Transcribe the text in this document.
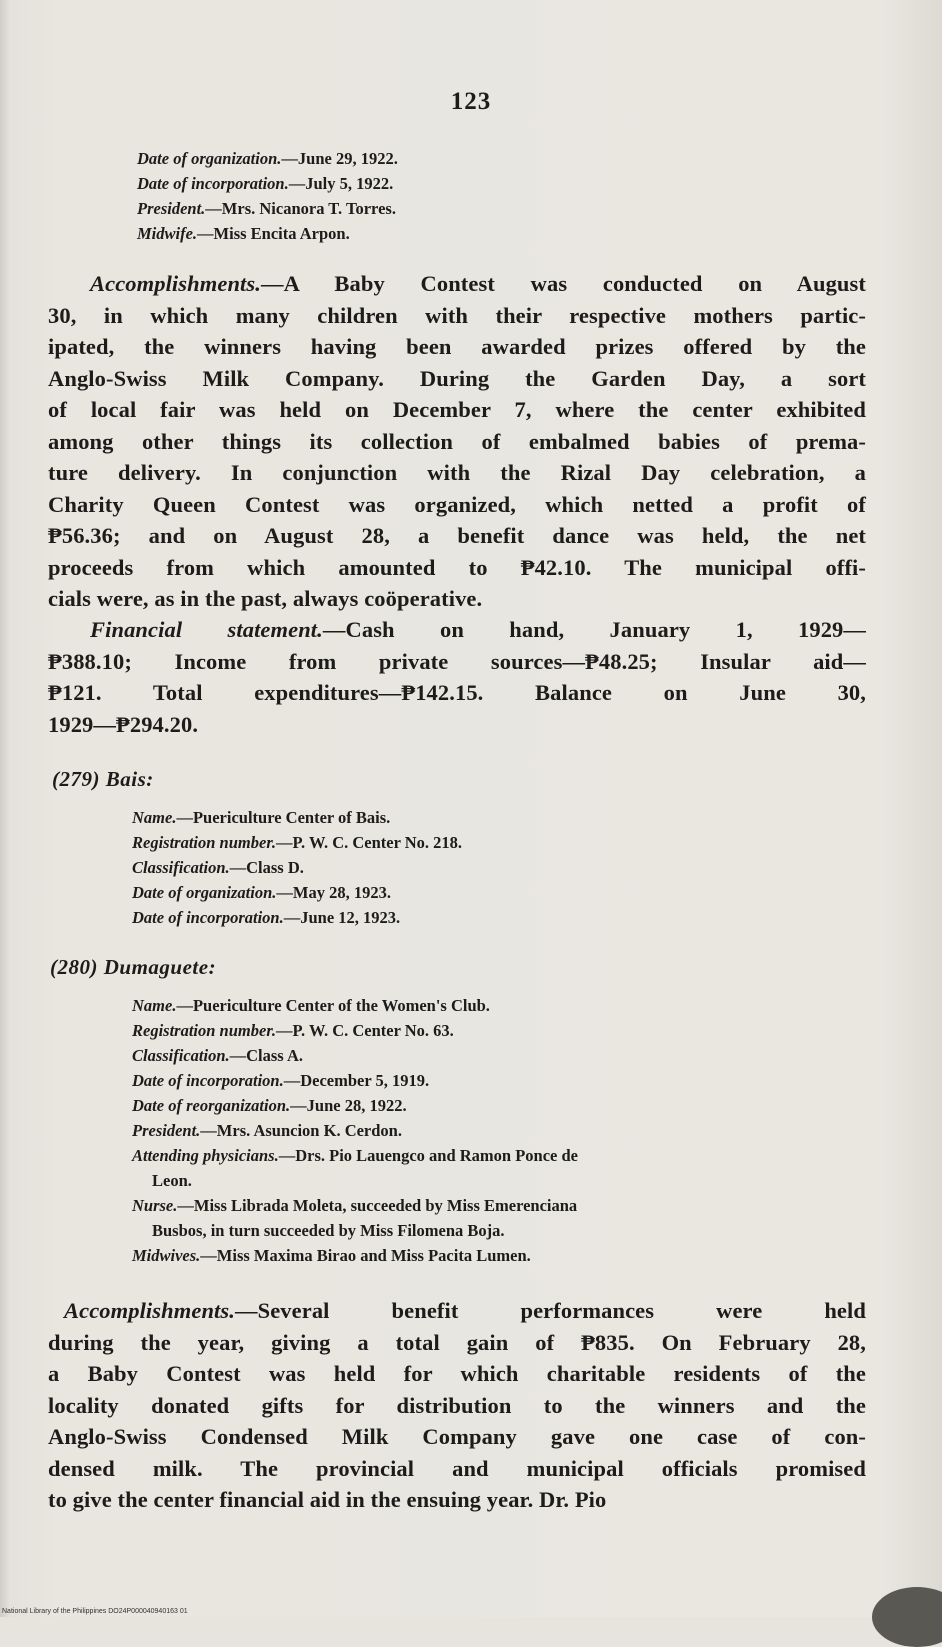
123
Date of organization.—June 29, 1922.
Date of incorporation.—July 5, 1922.
President.—Mrs. Nicanora T. Torres.
Midwife.—Miss Encita Arpon.
Accomplishments.—A Baby Contest was conducted on August
30, in which many children with their respective mothers partic-
ipated, the winners having been awarded prizes offered by the
Anglo-Swiss Milk Company. During the Garden Day, a sort
of local fair was held on December 7, where the center exhibited
among other things its collection of embalmed babies of prema-
ture delivery. In conjunction with the Rizal Day celebration, a
Charity Queen Contest was organized, which netted a profit of
₱56.36; and on August 28, a benefit dance was held, the net
proceeds from which amounted to ₱42.10. The municipal offi-
cials were, as in the past, always coöperative.
Financial statement.—Cash on hand, January 1, 1929—
₱388.10; Income from private sources—₱48.25; Insular aid—
₱121. Total expenditures—₱142.15. Balance on June 30,
1929—₱294.20.
(279) Bais:
Name.—Puericulture Center of Bais.
Registration number.—P. W. C. Center No. 218.
Classification.—Class D.
Date of organization.—May 28, 1923.
Date of incorporation.—June 12, 1923.
(280) Dumaguete:
Name.—Puericulture Center of the Women's Club.
Registration number.—P. W. C. Center No. 63.
Classification.—Class A.
Date of incorporation.—December 5, 1919.
Date of reorganization.—June 28, 1922.
President.—Mrs. Asuncion K. Cerdon.
Attending physicians.—Drs. Pio Lauengco and Ramon Ponce de
Leon.
Nurse.—Miss Librada Moleta, succeeded by Miss Emerenciana
Busbos, in turn succeeded by Miss Filomena Boja.
Midwives.—Miss Maxima Birao and Miss Pacita Lumen.
Accomplishments.—Several benefit performances were held
during the year, giving a total gain of ₱835. On February 28,
a Baby Contest was held for which charitable residents of the
locality donated gifts for distribution to the winners and the
Anglo-Swiss Condensed Milk Company gave one case of con-
densed milk. The provincial and municipal officials promised
to give the center financial aid in the ensuing year. Dr. Pio
National Library of the Philippines DO24P000040940163 01
